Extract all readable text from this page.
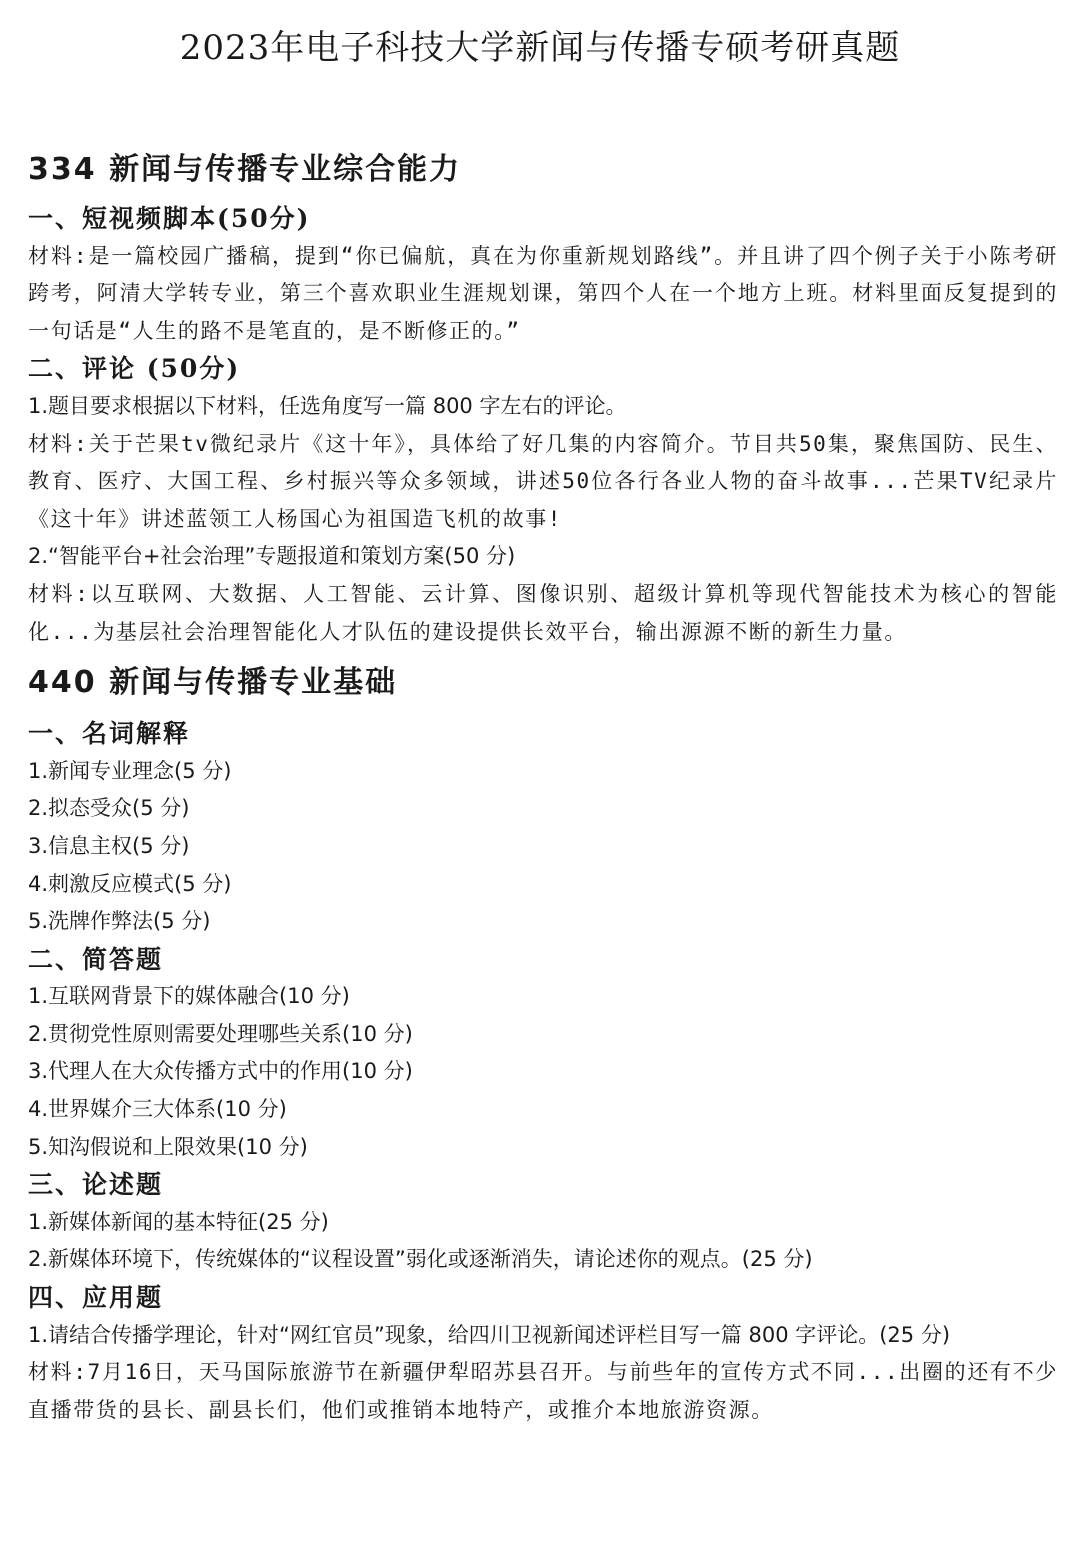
2023年电子科技大学新闻与传播专硕考研真题
334 新闻与传播专业综合能力
一、短视频脚本(50分)
材料:是一篇校园广播稿，提到“你已偏航，真在为你重新规划路线”。并且讲了四个例子关于小陈考研跨考，阿清大学转专业，第三个喜欢职业生涯规划课，第四个人在一个地方上班。材料里面反复提到的一句话是“人生的路不是笔直的，是不断修正的。”
二、评论 (50分)
1.题目要求根据以下材料，任选角度写一篇 800 字左右的评论。
材料:关于芒果tv微纪录片《这十年》，具体给了好几集的内容简介。节目共50集，聚焦国防、民生、教育、医疗、大国工程、乡村振兴等众多领域，讲述50位各行各业人物的奋斗故事...芒果TV纪录片《这十年》讲述蓝领工人杨国心为祖国造飞机的故事!
2.“智能平台+社会治理”专题报道和策划方案(50 分)
材料:以互联网、大数据、人工智能、云计算、图像识别、超级计算机等现代智能技术为核心的智能化...为基层社会治理智能化人才队伍的建设提供长效平台，输出源源不断的新生力量。
440 新闻与传播专业基础
一、名词解释
1.新闻专业理念(5 分)
2.拟态受众(5 分)
3.信息主权(5 分)
4.刺激反应模式(5 分)
5.洗牌作弊法(5 分)
二、简答题
1.互联网背景下的媒体融合(10 分)
2.贯彻党性原则需要处理哪些关系(10 分)
3.代理人在大众传播方式中的作用(10 分)
4.世界媒介三大体系(10 分)
5.知沟假说和上限效果(10 分)
三、论述题
1.新媒体新闻的基本特征(25 分)
2.新媒体环境下，传统媒体的“议程设置”弱化或逐渐消失，请论述你的观点。(25 分)
四、应用题
1.请结合传播学理论，针对“网红官员”现象，给四川卫视新闻述评栏目写一篇 800 字评论。(25 分)
材料:7月16日，天马国际旅游节在新疆伊犁昭苏县召开。与前些年的宣传方式不同...出圈的还有不少直播带货的县长、副县长们，他们或推销本地特产，或推介本地旅游资源。
